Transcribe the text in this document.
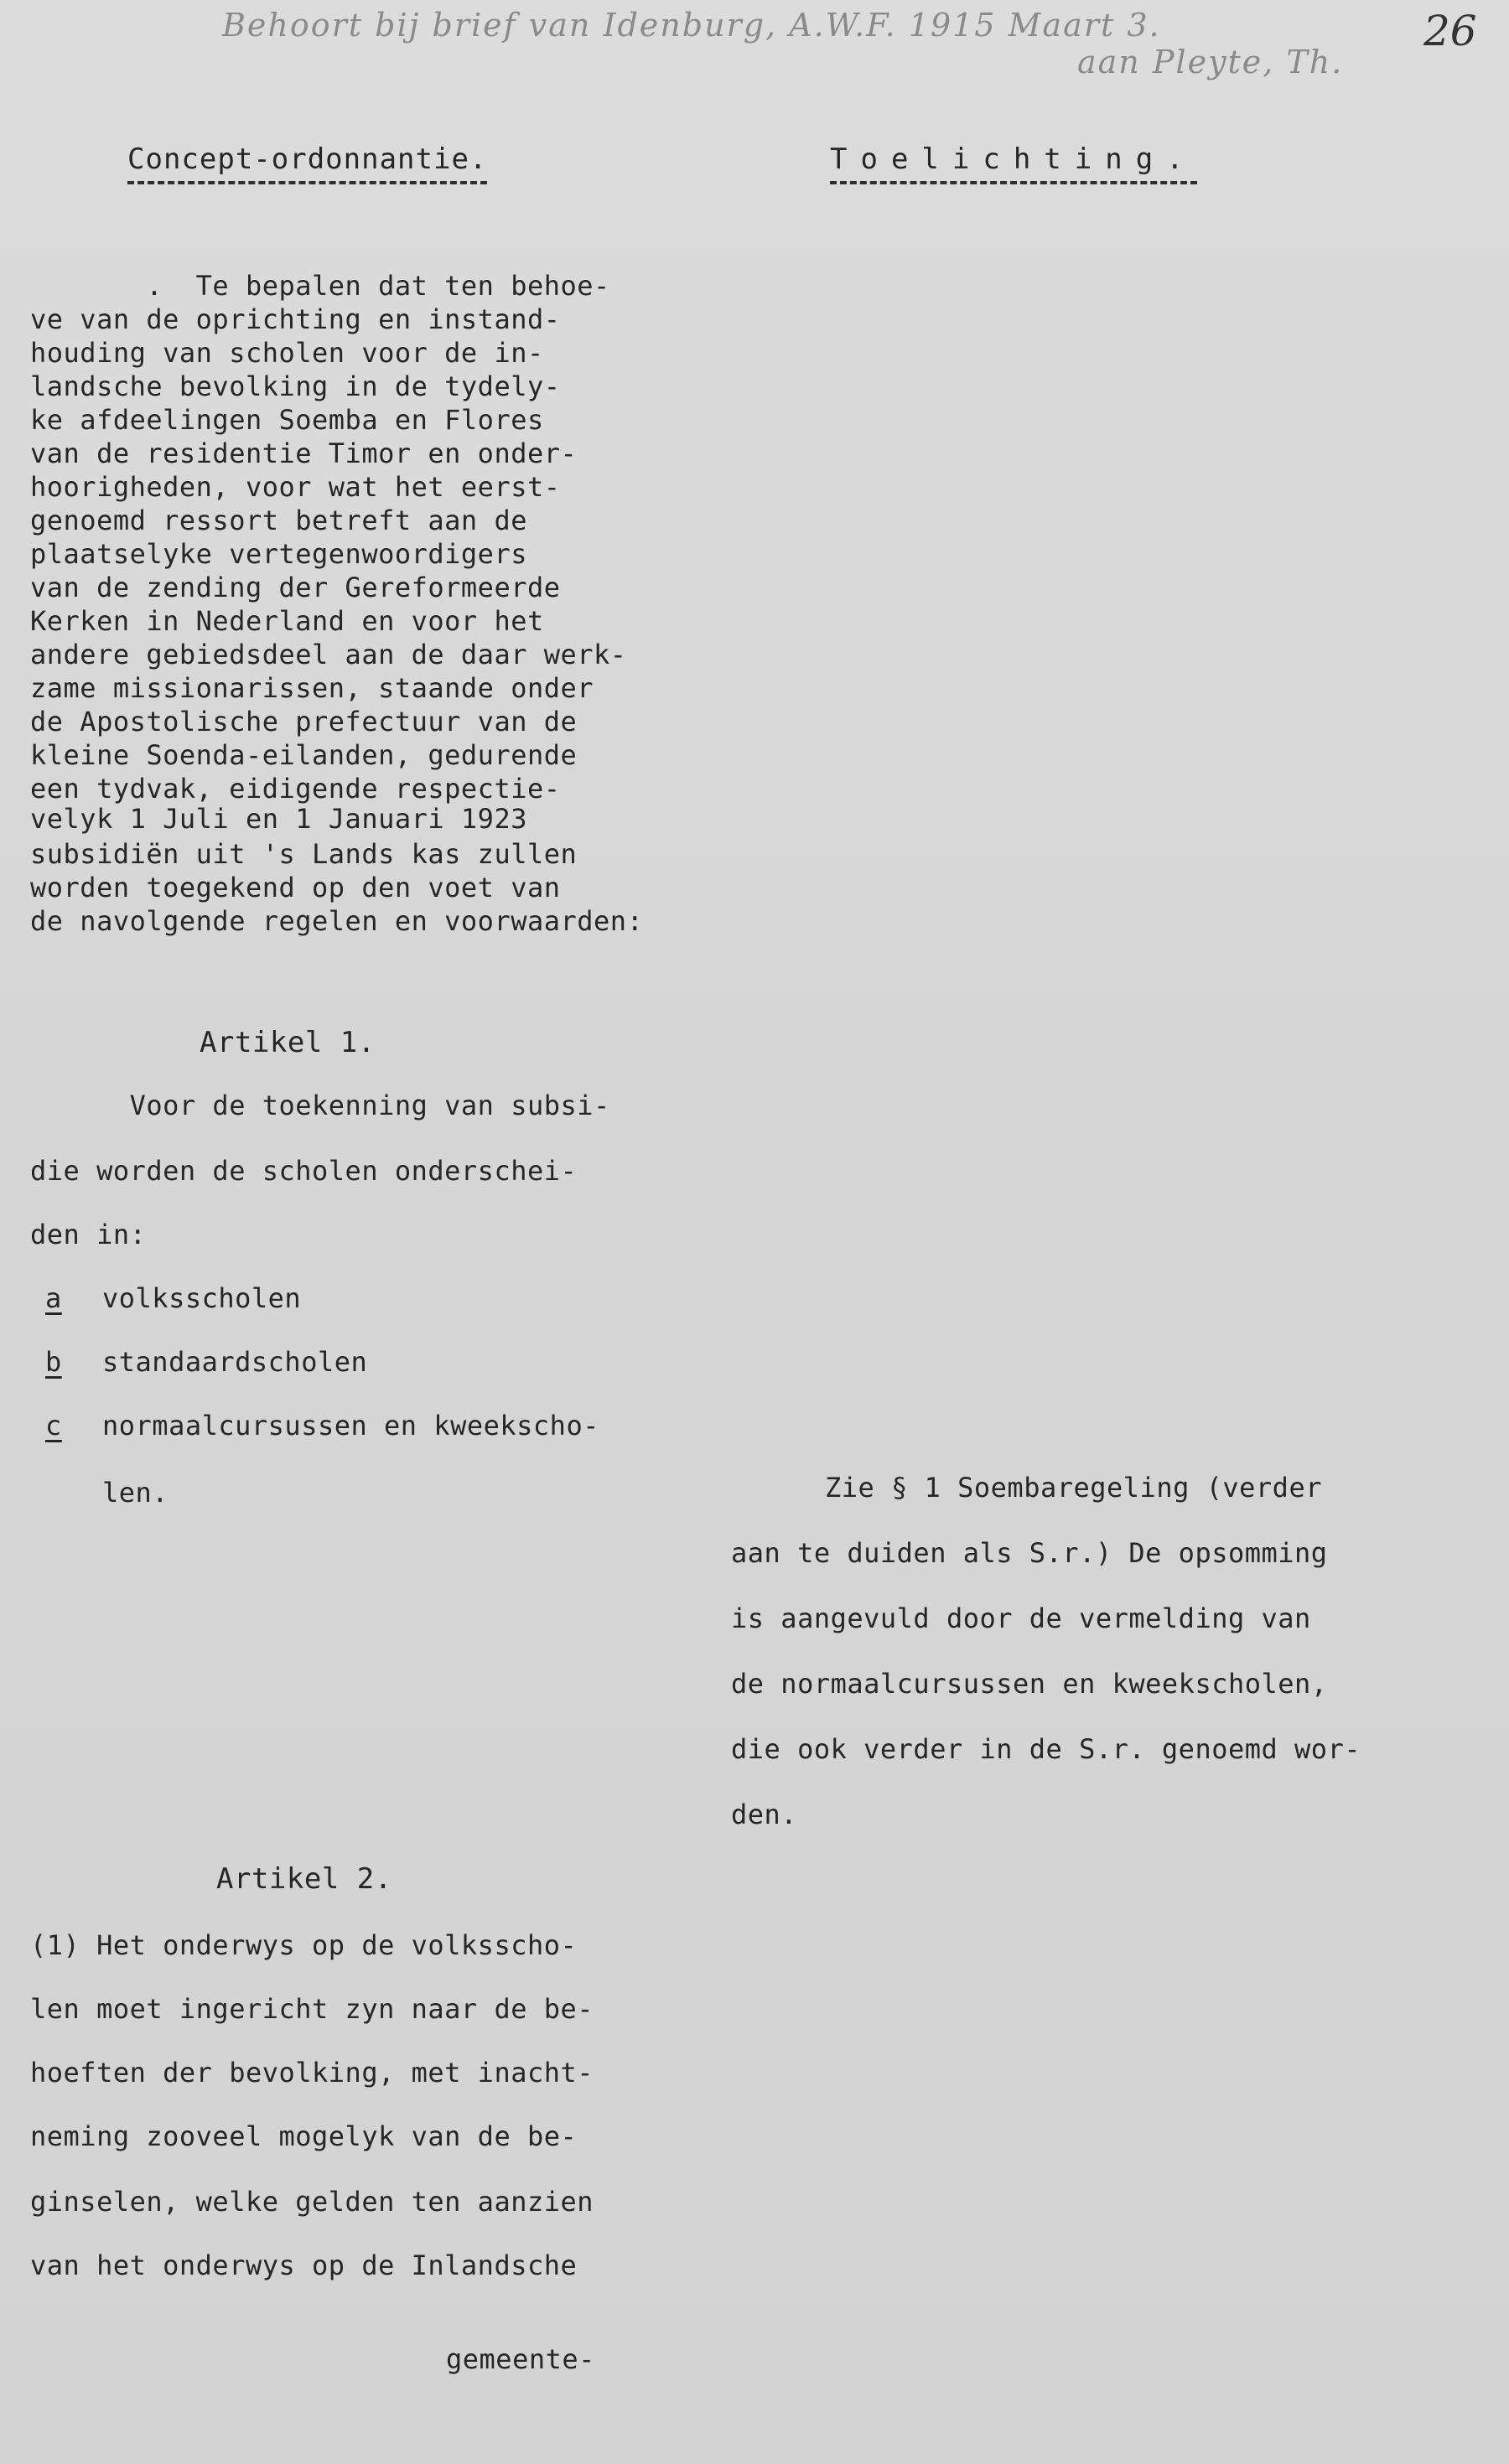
Behoort bij brief van Idenburg, A.W.F. 1915 Maart 3.
aan Pleyte, Th.
26
Concept-ordonnantie.	Toelichting.
.  Te bepalen dat ten behoe-
ve van de oprichting en instand-
houding van scholen voor de in-
landsche bevolking in de tydely-
ke afdeelingen Soemba en Flores
van de residentie Timor en onder-
hoorigheden, voor wat het eerst-
genoemd ressort betreft aan de
plaatselyke vertegenwoordigers
van de zending der Gereformeerde
Kerken in Nederland en voor het
andere gebiedsdeel aan de daar werk-
zame missionarissen, staande onder
de Apostolische prefectuur van de
kleine Soenda-eilanden, gedurende
een tydvak, eidigende respectie-
velyk 1 Juli en 1 Januari 1923
subsidiën uit 's Lands kas zullen
worden toegekend op den voet van
de navolgende regelen en voorwaarden:
Artikel 1.
Voor de toekenning van subsi-
die worden de scholen onderschei-
den in:
a volksscholen
b standaardscholen
c normaalcursussen en kweekscho-
len.	Zie § 1 Soembaregeling (verder
aan te duiden als S.r.) De opsomming
is aangevuld door de vermelding van
de normaalcursussen en kweekscholen,
die ook verder in de S.r. genoemd wor-
den.
Artikel 2.
(1) Het onderwys op de volksscho-
len moet ingericht zyn naar de be-
hoeften der bevolking, met inacht-
neming zooveel mogelyk van de be-
ginselen, welke gelden ten aanzien
van het onderwys op de Inlandsche
gemeente-
